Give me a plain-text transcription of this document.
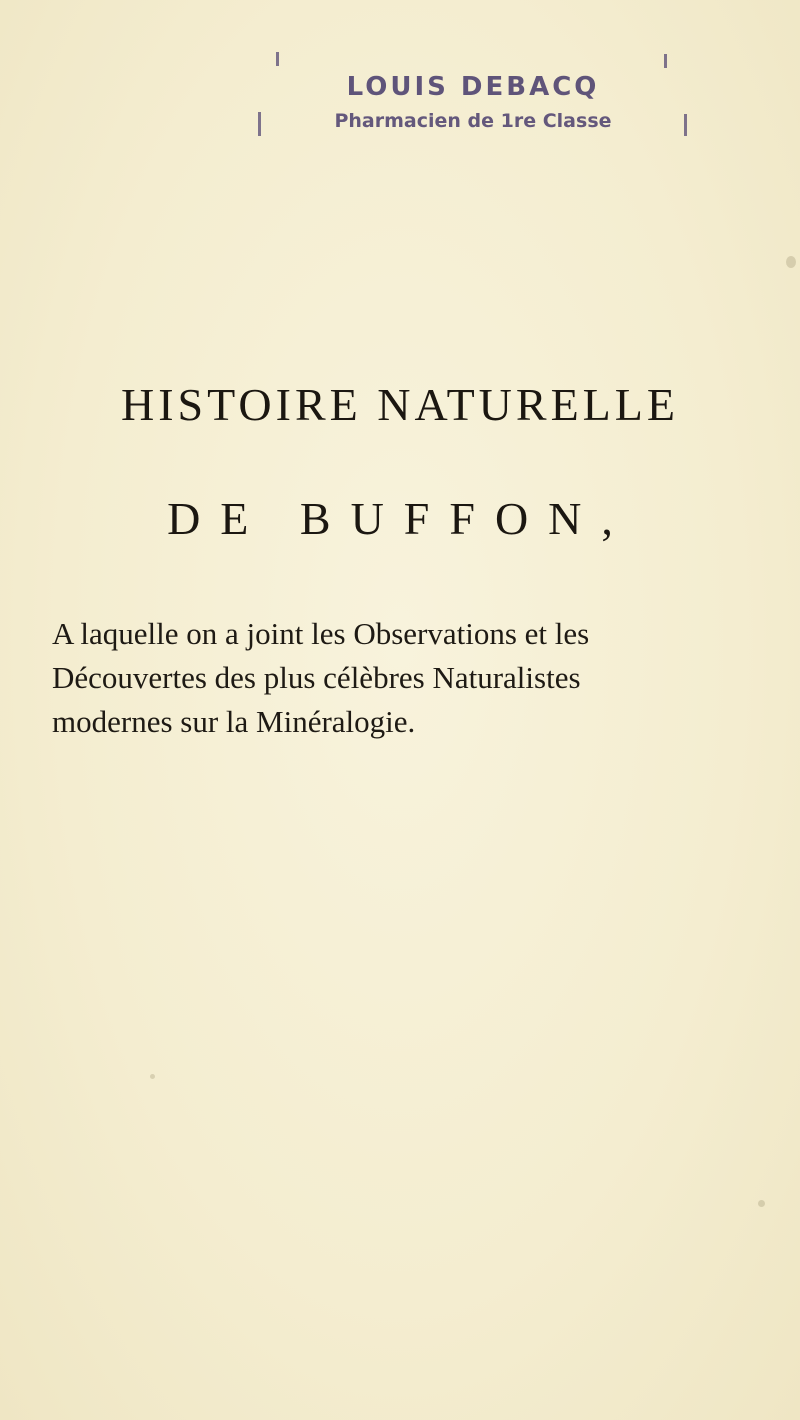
LOUIS DEBACQ
Pharmacien de 1re Classe
HISTOIRE NATURELLE
DE BUFFON,
A laquelle on a joint les Observations et les
Découvertes des plus célèbres Naturalistes
modernes sur la Minéralogie.
